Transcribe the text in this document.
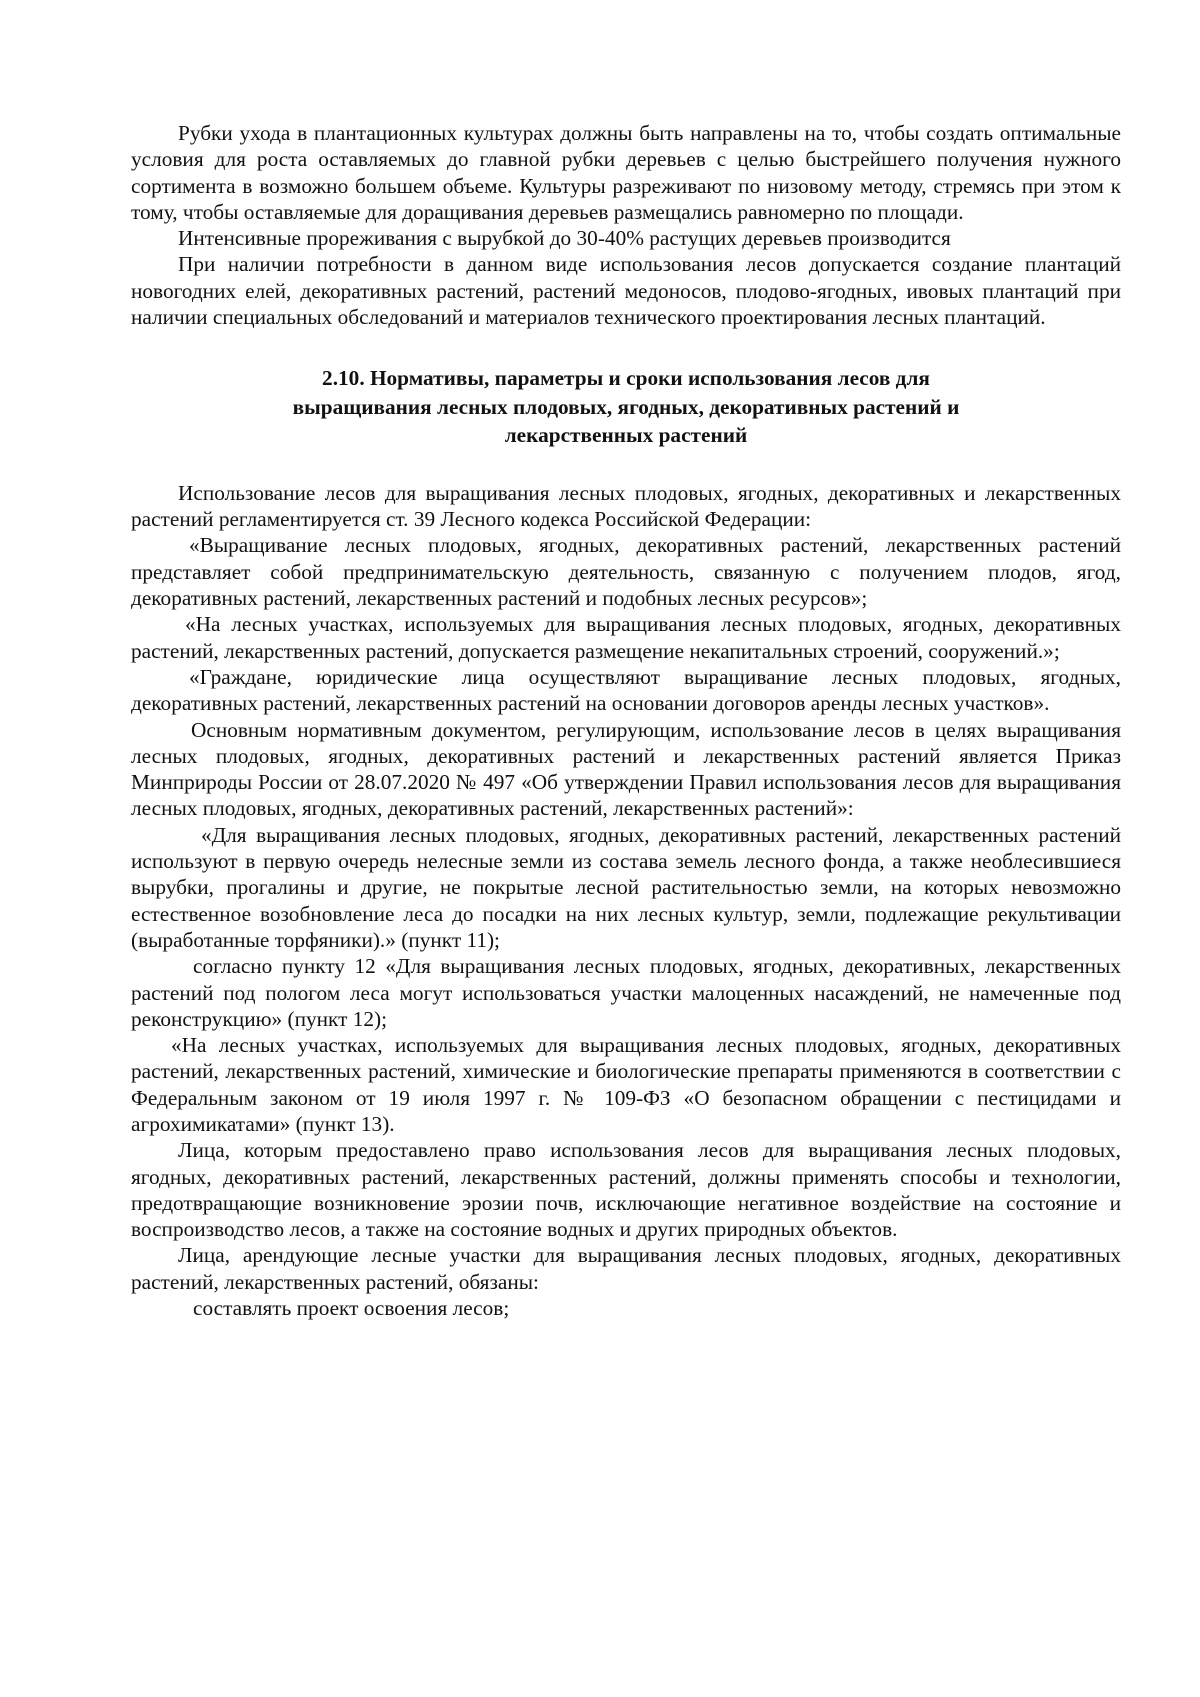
Рубки ухода в плантационных культурах должны быть направлены на то, чтобы создать оптимальные условия для роста оставляемых до главной рубки деревьев с целью быстрейшего получения нужного сортимента в возможно большем объеме. Культуры разреживают по низовому методу, стремясь при этом к тому, чтобы оставляемые для доращивания деревьев размещались равномерно по площади.

Интенсивные прореживания с вырубкой до 30-40% растущих деревьев производится

При наличии потребности в данном виде использования лесов допускается создание плантаций новогодних елей, декоративных растений, растений медоносов, плодово-ягодных, ивовых плантаций при наличии специальных обследований и материалов технического проектирования лесных плантаций.

2.10. Нормативы, параметры и сроки использования лесов для
выращивания лесных плодовых, ягодных, декоративных растений и
лекарственных растений

Использование лесов для выращивания лесных плодовых, ягодных, декоративных и лекарственных растений регламентируется ст. 39 Лесного кодекса Российской Федерации:

«Выращивание лесных плодовых, ягодных, декоративных растений, лекарственных растений представляет собой предпринимательскую деятельность, связанную с получением плодов, ягод, декоративных растений, лекарственных растений и подобных лесных ресурсов»;

«На лесных участках, используемых для выращивания лесных плодовых, ягодных, декоративных растений, лекарственных растений, допускается размещение некапитальных строений, сооружений.»;

«Граждане, юридические лица осуществляют выращивание лесных плодовых, ягодных, декоративных растений, лекарственных растений на основании договоров аренды лесных участков».

Основным нормативным документом, регулирующим, использование лесов в целях выращивания лесных плодовых, ягодных, декоративных растений и лекарственных растений является Приказ Минприроды России от 28.07.2020 № 497 «Об утверждении Правил использования лесов для выращивания лесных плодовых, ягодных, декоративных растений, лекарственных растений»:

«Для выращивания лесных плодовых, ягодных, декоративных растений, лекарственных растений используют в первую очередь нелесные земли из состава земель лесного фонда, а также необлесившиеся вырубки, прогалины и другие, не покрытые лесной растительностью земли, на которых невозможно естественное возобновление леса до посадки на них лесных культур, земли, подлежащие рекультивации (выработанные торфяники).» (пункт 11);

согласно пункту 12 «Для выращивания лесных плодовых, ягодных, декоративных, лекарственных растений под пологом леса могут использоваться участки малоценных насаждений, не намеченные под реконструкцию» (пункт 12);

«На лесных участках, используемых для выращивания лесных плодовых, ягодных, декоративных растений, лекарственных растений, химические и биологические препараты применяются в соответствии с Федеральным законом от 19 июля 1997 г. № 109-ФЗ «О безопасном обращении с пестицидами и агрохимикатами» (пункт 13).

Лица, которым предоставлено право использования лесов для выращивания лесных плодовых, ягодных, декоративных растений, лекарственных растений, должны применять способы и технологии, предотвращающие возникновение эрозии почв, исключающие негативное воздействие на состояние и воспроизводство лесов, а также на состояние водных и других природных объектов.

Лица, арендующие лесные участки для выращивания лесных плодовых, ягодных, декоративных растений, лекарственных растений, обязаны:

составлять проект освоения лесов;
